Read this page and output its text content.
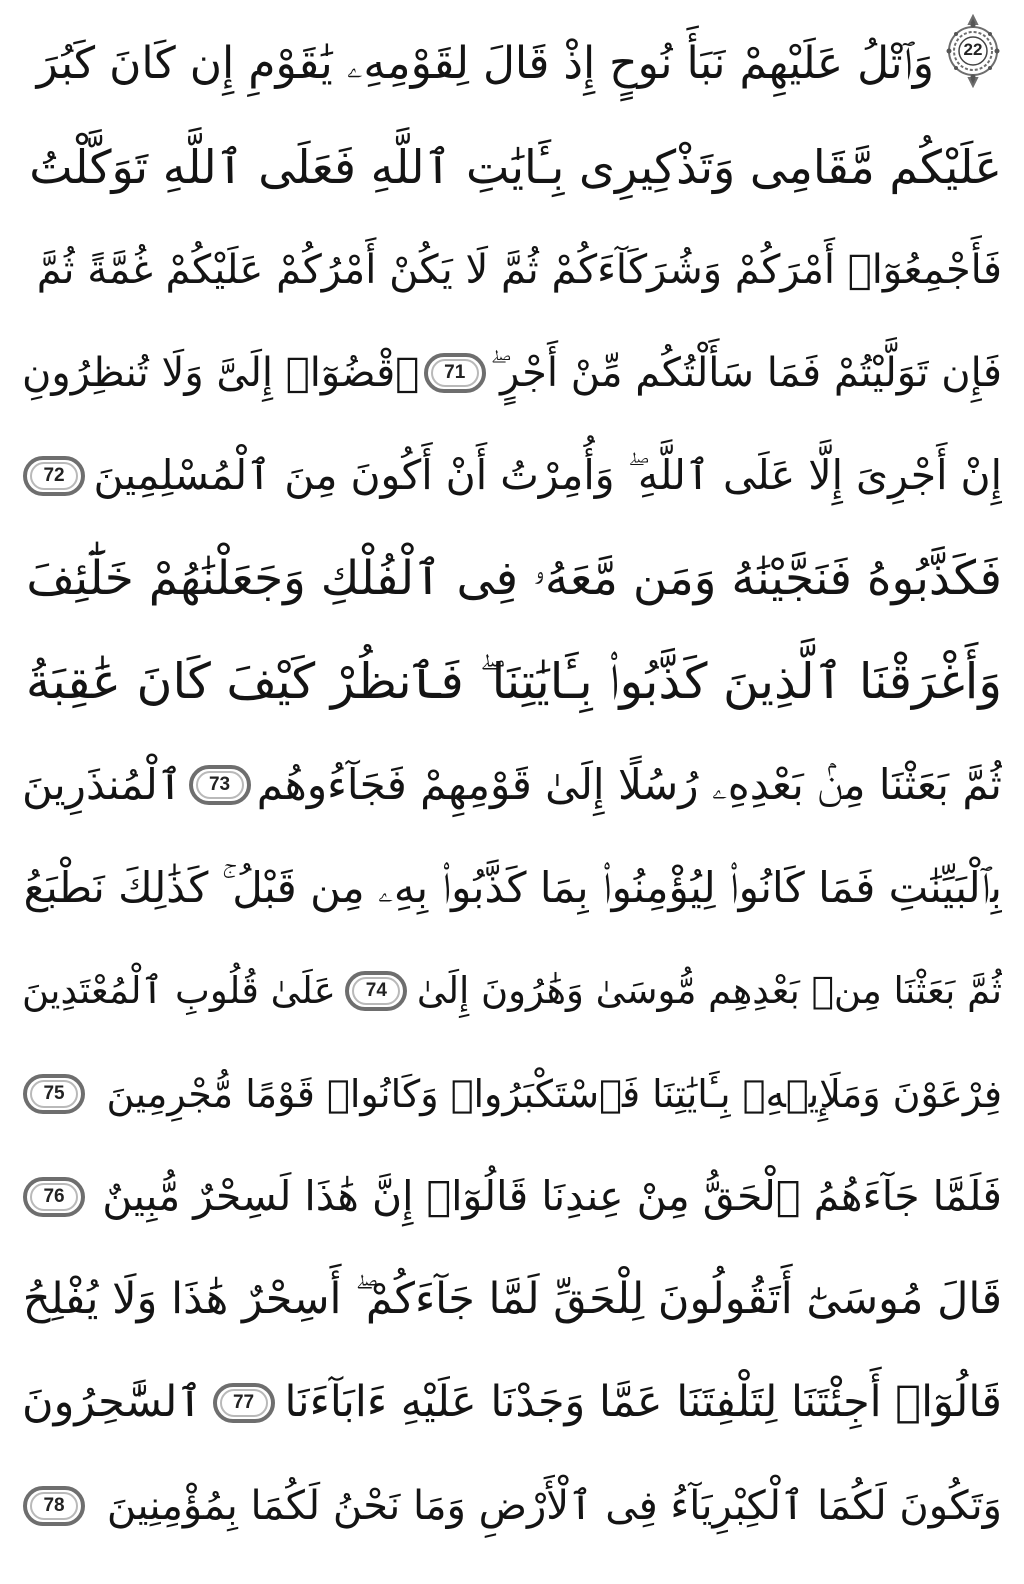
22
وَٱتْلُ عَلَيْهِمْ نَبَأَ نُوحٍ إِذْ قَالَ لِقَوْمِهِۦ يَٰقَوْمِ إِن كَانَ كَبُرَ
عَلَيْكُم مَّقَامِى وَتَذْكِيرِى بِـَٔايَٰتِ ٱللَّهِ فَعَلَى ٱللَّهِ تَوَكَّلْتُ
فَأَجْمِعُوٓا۟ أَمْرَكُمْ وَشُرَكَآءَكُمْ ثُمَّ لَا يَكُنْ أَمْرُكُمْ عَلَيْكُمْ غُمَّةً ثُمَّ
فَإِن تَوَلَّيْتُمْ فَمَا سَأَلْتُكُم مِّنْ أَجْرٍ ۖ
71
ٱقْضُوٓا۟ إِلَىَّ وَلَا تُنظِرُونِ
إِنْ أَجْرِىَ إِلَّا عَلَى ٱللَّهِ ۖ وَأُمِرْتُ أَنْ أَكُونَ مِنَ ٱلْمُسْلِمِينَ
72
فَكَذَّبُوهُ فَنَجَّيْنَٰهُ وَمَن مَّعَهُۥ فِى ٱلْفُلْكِ وَجَعَلْنَٰهُمْ خَلَٰٓئِفَ
وَأَغْرَقْنَا ٱلَّذِينَ كَذَّبُوا۟ بِـَٔايَٰتِنَا ۖ فَٱنظُرْ كَيْفَ كَانَ عَٰقِبَةُ
ثُمَّ بَعَثْنَا مِنۢ بَعْدِهِۦ رُسُلًا إِلَىٰ قَوْمِهِمْ فَجَآءُوهُم
73
ٱلْمُنذَرِينَ
بِٱلْبَيِّنَٰتِ فَمَا كَانُوا۟ لِيُؤْمِنُوا۟ بِمَا كَذَّبُوا۟ بِهِۦ مِن قَبْلُ ۚ كَذَٰلِكَ نَطْبَعُ
ثُمَّ بَعَثْنَا مِنۢ بَعْدِهِم مُّوسَىٰ وَهَٰرُونَ إِلَىٰ
74
عَلَىٰ قُلُوبِ ٱلْمُعْتَدِينَ
فِرْعَوْنَ وَمَلَإِي۟هِۦ بِـَٔايَٰتِنَا فَٱسْتَكْبَرُوا۟ وَكَانُوا۟ قَوْمًا مُّجْرِمِينَ
75
فَلَمَّا جَآءَهُمُ ٱلْحَقُّ مِنْ عِندِنَا قَالُوٓا۟ إِنَّ هَٰذَا لَسِحْرٌ مُّبِينٌ
76
قَالَ مُوسَىٰٓ أَتَقُولُونَ لِلْحَقِّ لَمَّا جَآءَكُمْ ۖ أَسِحْرٌ هَٰذَا وَلَا يُفْلِحُ
قَالُوٓا۟ أَجِئْتَنَا لِتَلْفِتَنَا عَمَّا وَجَدْنَا عَلَيْهِ ءَابَآءَنَا
77
ٱلسَّٰحِرُونَ
وَتَكُونَ لَكُمَا ٱلْكِبْرِيَآءُ فِى ٱلْأَرْضِ وَمَا نَحْنُ لَكُمَا بِمُؤْمِنِينَ
78
